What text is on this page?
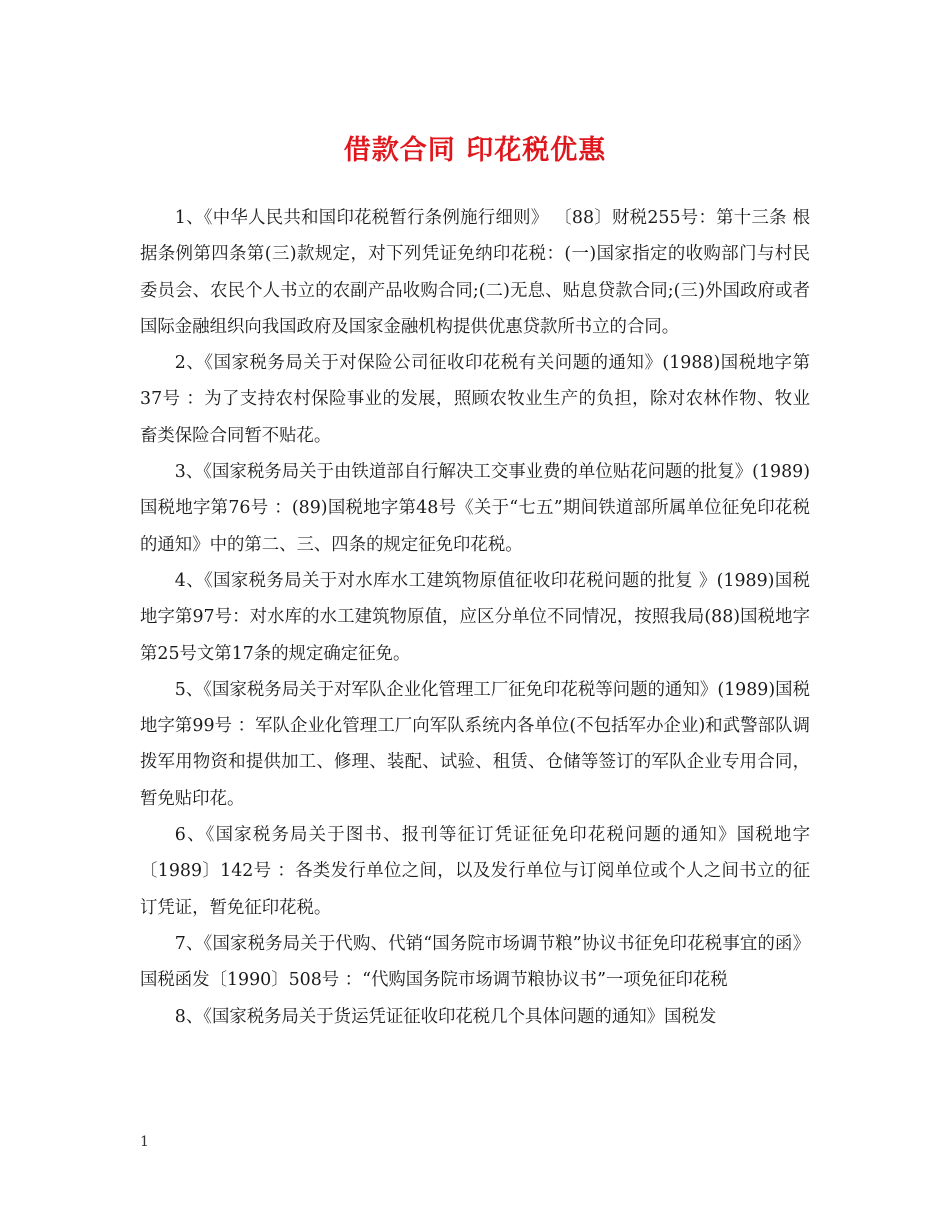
借款合同 印花税优惠

1、《中华人民共和国印花税暂行条例施行细则》 〔88〕财税255号：第十三条 根据条例第四条第(三)款规定，对下列凭证免纳印花税：(一)国家指定的收购部门与村民委员会、农民个人书立的农副产品收购合同;(二)无息、贴息贷款合同;(三)外国政府或者国际金融组织向我国政府及国家金融机构提供优惠贷款所书立的合同。

2、《国家税务局关于对保险公司征收印花税有关问题的通知》(1988)国税地字第37号 ：为了支持农村保险事业的发展，照顾农牧业生产的负担，除对农林作物、牧业畜类保险合同暂不贴花。

3、《国家税务局关于由铁道部自行解决工交事业费的单位贴花问题的批复》(1989)国税地字第76号 ：(89)国税地字第48号《关于“七五”期间铁道部所属单位征免印花税的通知》中的第二、三、四条的规定征免印花税。

4、《国家税务局关于对水库水工建筑物原值征收印花税问题的批复 》(1989)国税地字第97号：对水库的水工建筑物原值，应区分单位不同情况，按照我局(88)国税地字第25号文第17条的规定确定征免。

5、《国家税务局关于对军队企业化管理工厂征免印花税等问题的通知》(1989)国税地字第99号 ：军队企业化管理工厂向军队系统内各单位(不包括军办企业)和武警部队调拨军用物资和提供加工、修理、装配、试验、租赁、仓储等签订的军队企业专用合同，暂免贴印花。

6、《国家税务局关于图书、报刊等征订凭证征免印花税问题的通知》国税地字〔1989〕142号 ：各类发行单位之间，以及发行单位与订阅单位或个人之间书立的征订凭证，暂免征印花税。

7、《国家税务局关于代购、代销“国务院市场调节粮”协议书征免印花税事宜的函》国税函发〔1990〕508号 ：“代购国务院市场调节粮协议书”一项免征印花税

8、《国家税务局关于货运凭证征收印花税几个具体问题的通知》国税发

1
